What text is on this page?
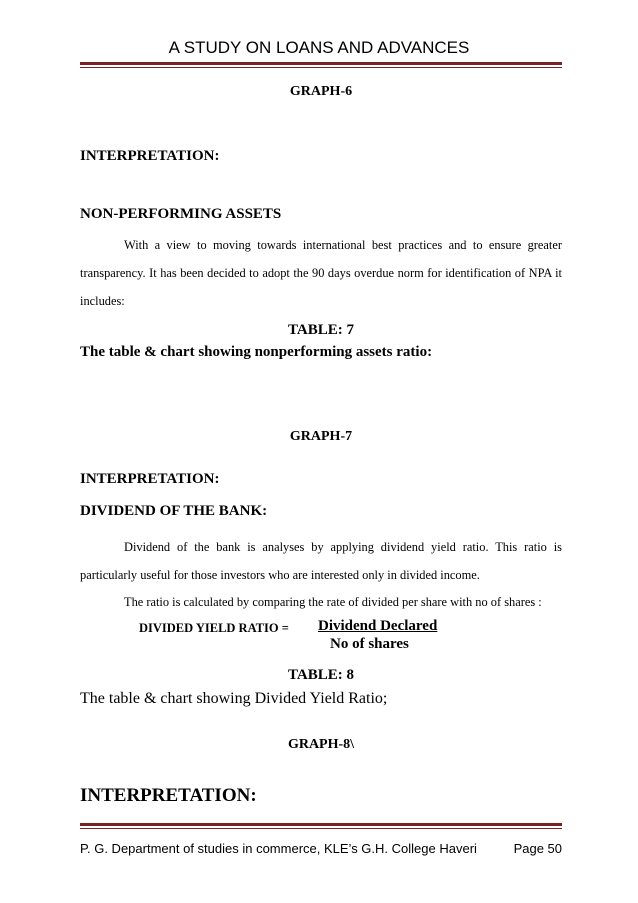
A STUDY ON LOANS AND ADVANCES
GRAPH-6
INTERPRETATION:
NON-PERFORMING ASSETS
With a view to moving towards international best practices and to ensure greater transparency. It has been decided to adopt the 90 days overdue norm for identification of NPA it includes:
TABLE: 7
The table & chart showing nonperforming assets ratio:
GRAPH-7
INTERPRETATION:
DIVIDEND OF THE BANK:
Dividend of the bank is analyses by applying dividend yield ratio. This ratio is particularly useful for those investors who are interested only in divided income.
The ratio is calculated by comparing the rate of divided per share with no of shares :
DIVIDED YIELD RATIO = Dividend Declared
No of shares
TABLE: 8
The table & chart showing Divided Yield Ratio;
GRAPH-8\
INTERPRETATION:
P. G. Department of studies in commerce, KLE’s G.H. College Haveri	Page 50
